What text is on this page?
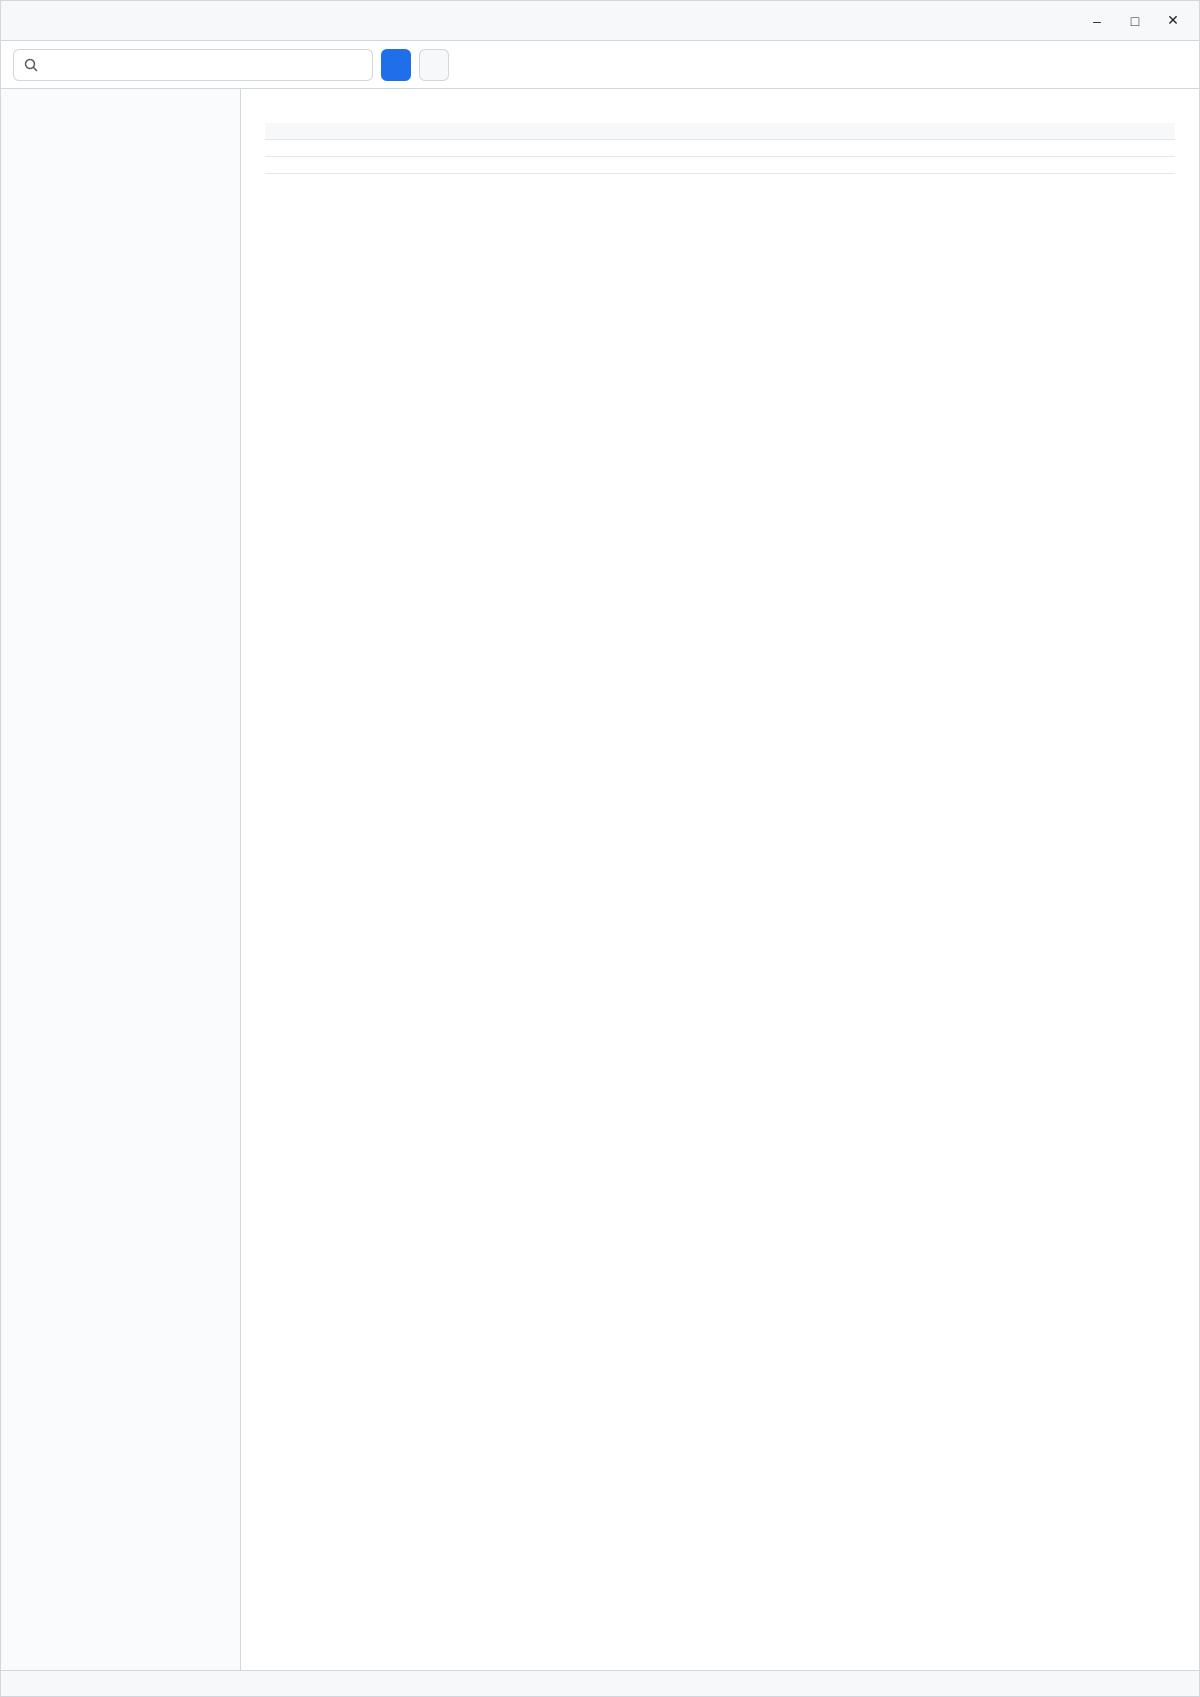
–	□	✕
